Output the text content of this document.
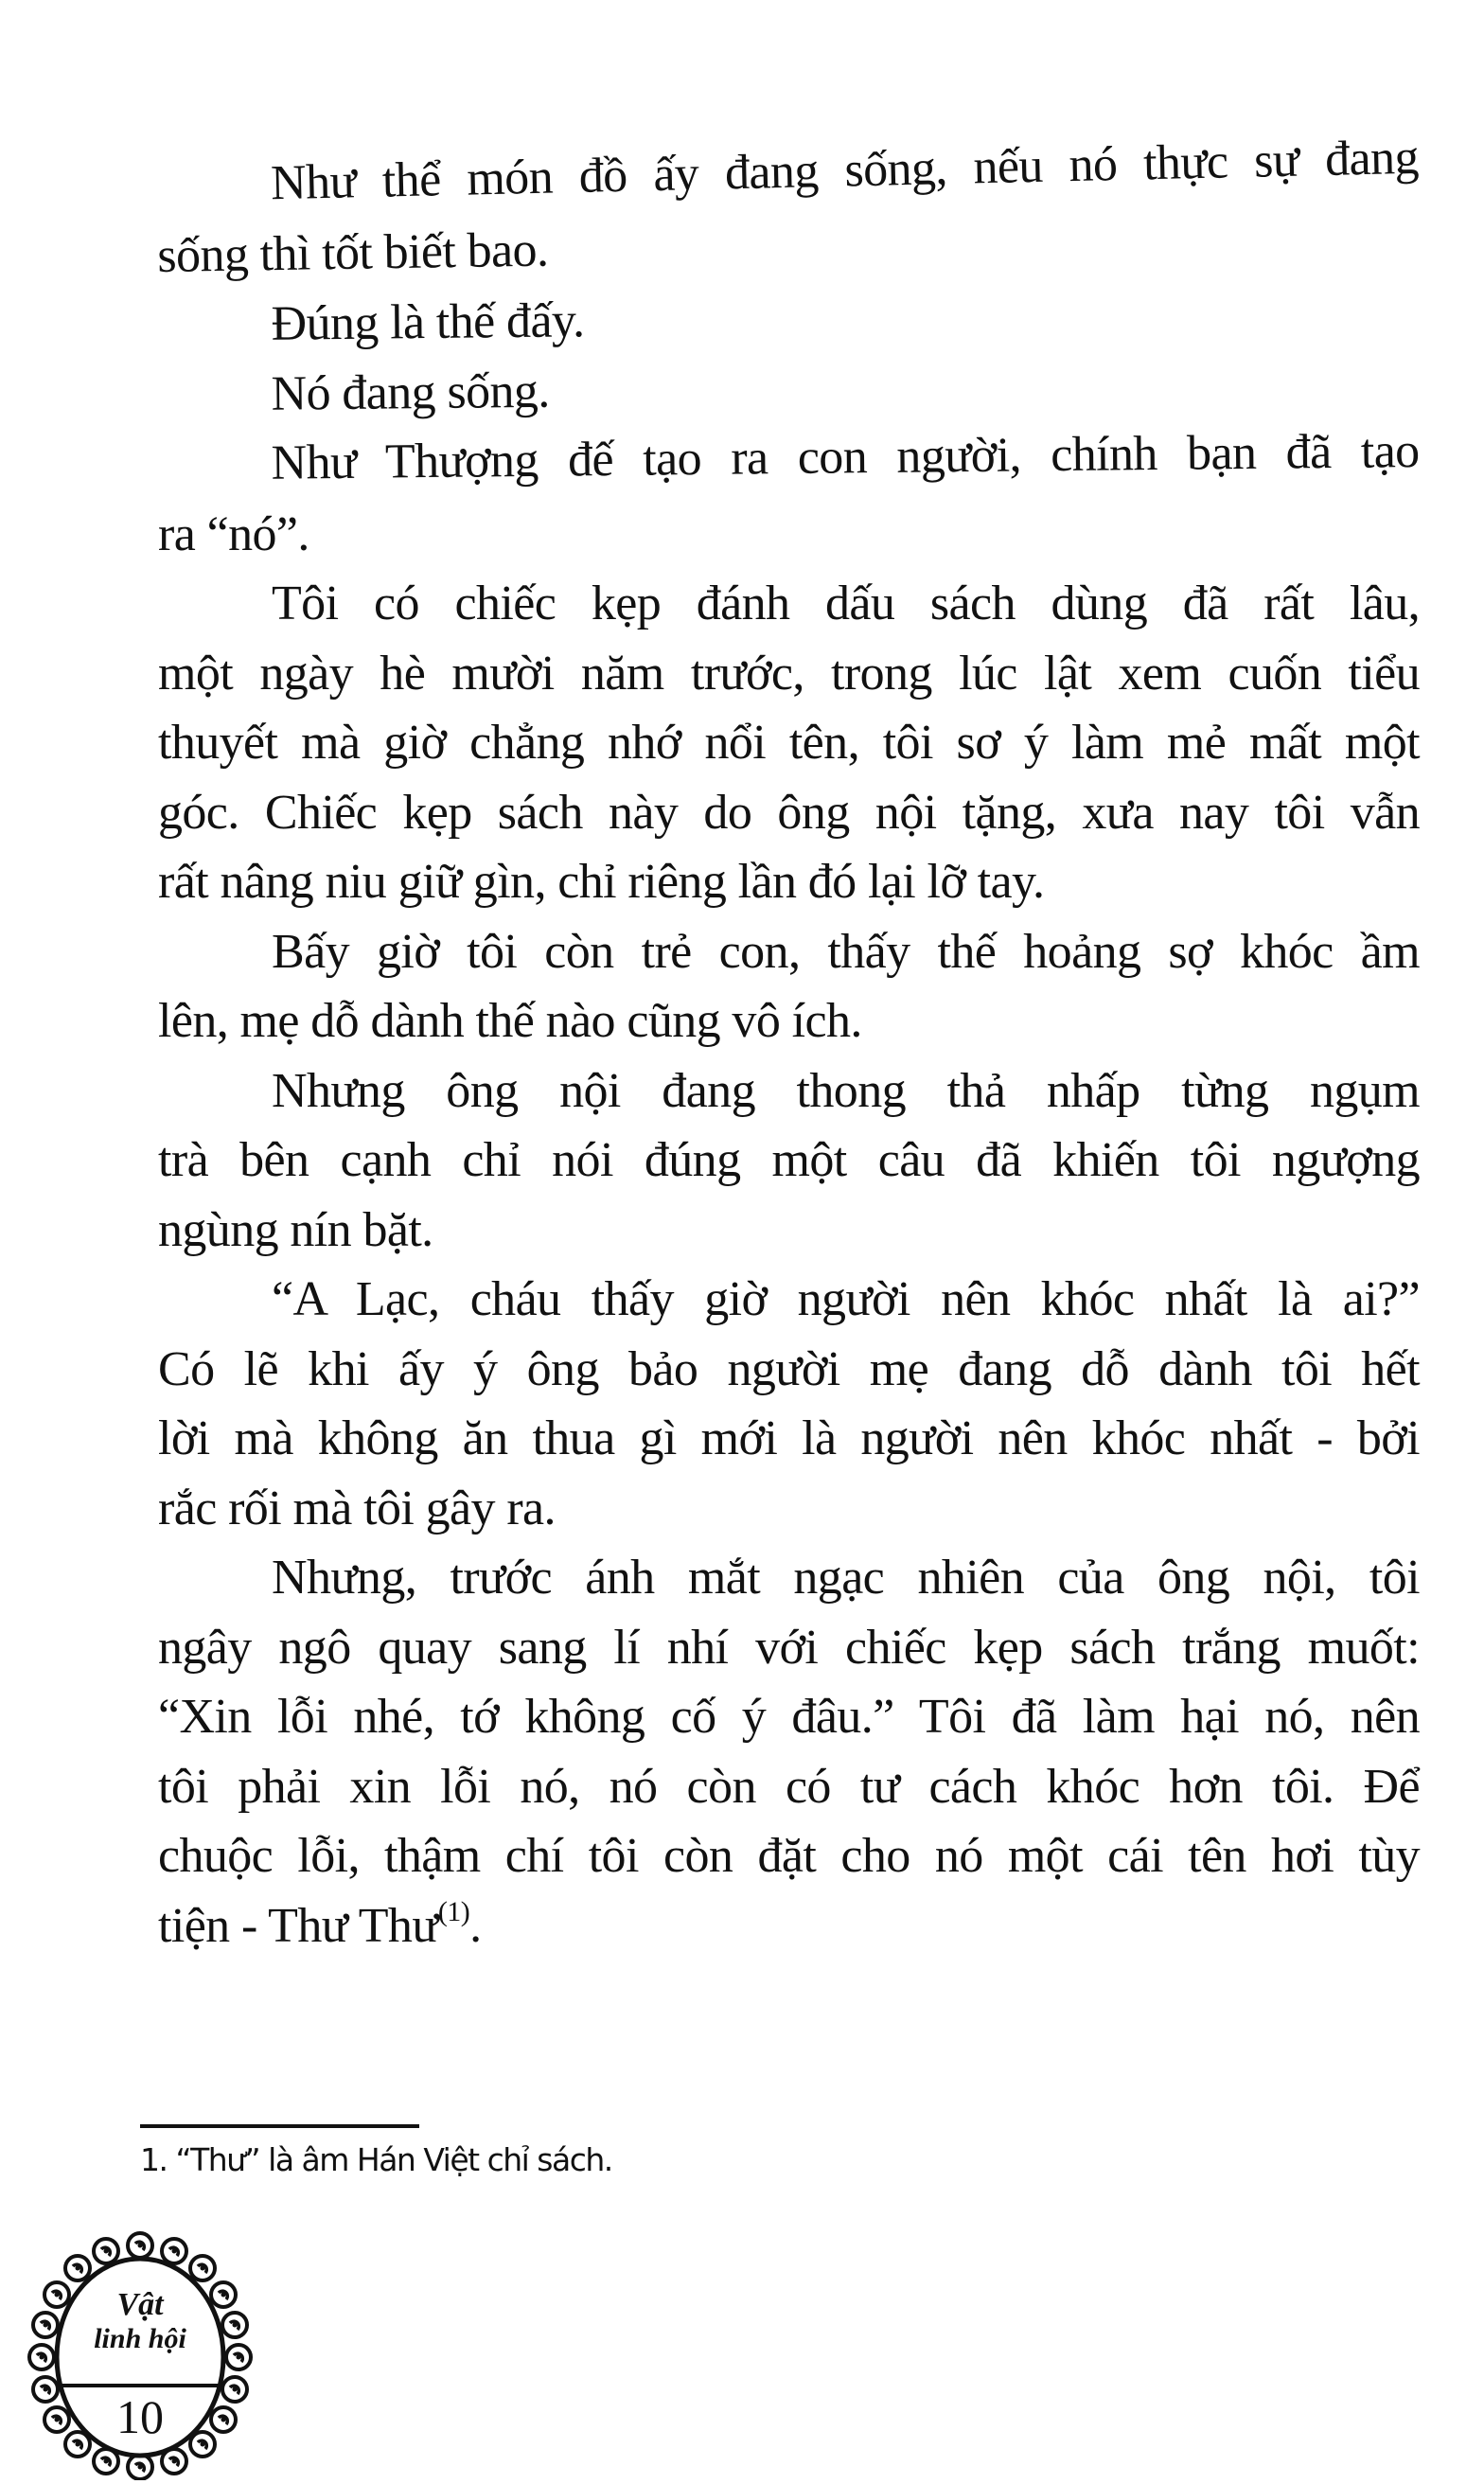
Như thể món đồ ấy đang sống, nếu nó thực sự đang
sống thì tốt biết bao.
Đúng là thế đấy.
Nó đang sống.
Như Thượng đế tạo ra con người, chính bạn đã tạo
ra “nó”.
Tôi có chiếc kẹp đánh dấu sách dùng đã rất lâu,
một ngày hè mười năm trước, trong lúc lật xem cuốn tiểu
thuyết mà giờ chẳng nhớ nổi tên, tôi sơ ý làm mẻ mất một
góc. Chiếc kẹp sách này do ông nội tặng, xưa nay tôi vẫn
rất nâng niu giữ gìn, chỉ riêng lần đó lại lỡ tay.
Bấy giờ tôi còn trẻ con, thấy thế hoảng sợ khóc ầm
lên, mẹ dỗ dành thế nào cũng vô ích.
Nhưng ông nội đang thong thả nhấp từng ngụm
trà bên cạnh chỉ nói đúng một câu đã khiến tôi ngượng
ngùng nín bặt.
“A Lạc, cháu thấy giờ người nên khóc nhất là ai?”
Có lẽ khi ấy ý ông bảo người mẹ đang dỗ dành tôi hết
lời mà không ăn thua gì mới là người nên khóc nhất - bởi
rắc rối mà tôi gây ra.
Nhưng, trước ánh mắt ngạc nhiên của ông nội, tôi
ngây ngô quay sang lí nhí với chiếc kẹp sách trắng muốt:
“Xin lỗi nhé, tớ không cố ý đâu.” Tôi đã làm hại nó, nên
tôi phải xin lỗi nó, nó còn có tư cách khóc hơn tôi. Để
chuộc lỗi, thậm chí tôi còn đặt cho nó một cái tên hơi tùy
tiện - Thư Thư$^{(1)}$.
1. “Thư” là âm Hán Việt chỉ sách.
Vật
linh hội
10
